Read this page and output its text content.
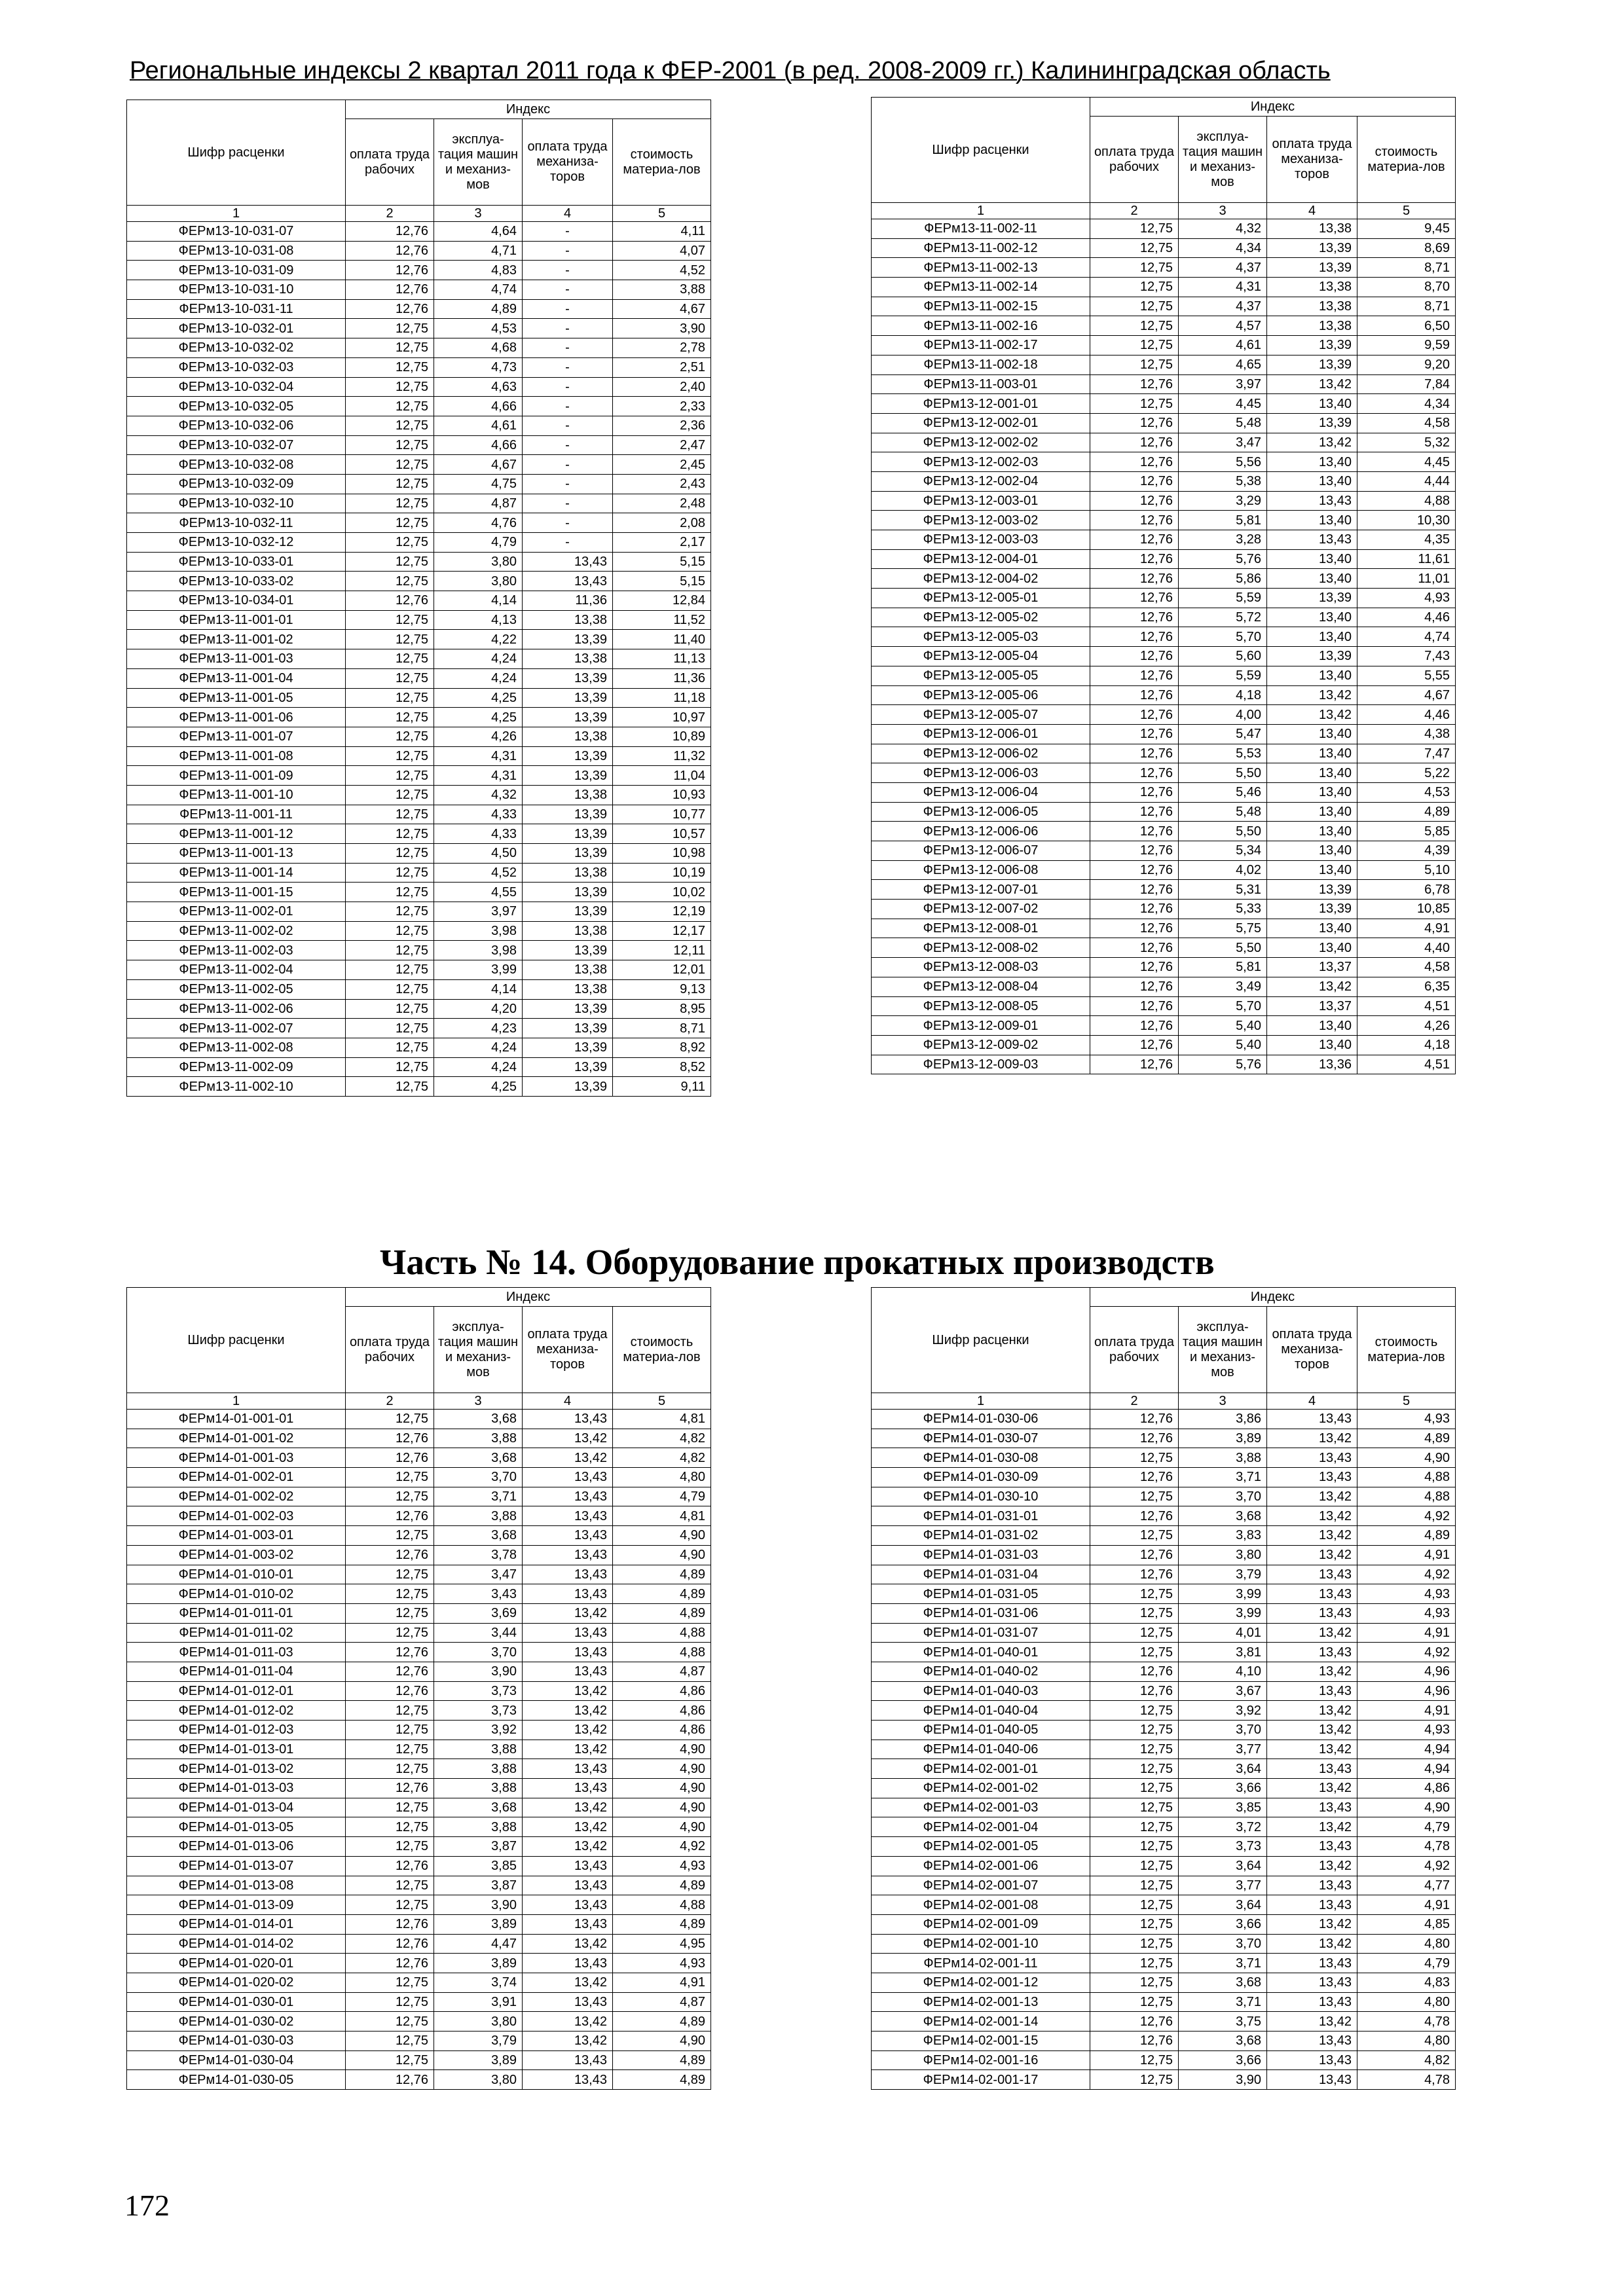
Региональные индексы 2 квартал 2011 года к ФЕР-2001 (в ред. 2008-2009 гг.) Калининградская область
Шифр расценки	Индекс			
	оплата труда рабочих	эксплуа-тация машин и механиз-мов	оплата труда механиза-торов	стоимость материа-лов
1	2	3	4	5
ФЕРм13-10-031-07	12,76	4,64	-	4,11
ФЕРм13-10-031-08	12,76	4,71	-	4,07
ФЕРм13-10-031-09	12,76	4,83	-	4,52
ФЕРм13-10-031-10	12,76	4,74	-	3,88
ФЕРм13-10-031-11	12,76	4,89	-	4,67
ФЕРм13-10-032-01	12,75	4,53	-	3,90
ФЕРм13-10-032-02	12,75	4,68	-	2,78
ФЕРм13-10-032-03	12,75	4,73	-	2,51
ФЕРм13-10-032-04	12,75	4,63	-	2,40
ФЕРм13-10-032-05	12,75	4,66	-	2,33
ФЕРм13-10-032-06	12,75	4,61	-	2,36
ФЕРм13-10-032-07	12,75	4,66	-	2,47
ФЕРм13-10-032-08	12,75	4,67	-	2,45
ФЕРм13-10-032-09	12,75	4,75	-	2,43
ФЕРм13-10-032-10	12,75	4,87	-	2,48
ФЕРм13-10-032-11	12,75	4,76	-	2,08
ФЕРм13-10-032-12	12,75	4,79	-	2,17
ФЕРм13-10-033-01	12,75	3,80	13,43	5,15
ФЕРм13-10-033-02	12,75	3,80	13,43	5,15
ФЕРм13-10-034-01	12,76	4,14	11,36	12,84
ФЕРм13-11-001-01	12,75	4,13	13,38	11,52
ФЕРм13-11-001-02	12,75	4,22	13,39	11,40
ФЕРм13-11-001-03	12,75	4,24	13,38	11,13
ФЕРм13-11-001-04	12,75	4,24	13,39	11,36
ФЕРм13-11-001-05	12,75	4,25	13,39	11,18
ФЕРм13-11-001-06	12,75	4,25	13,39	10,97
ФЕРм13-11-001-07	12,75	4,26	13,38	10,89
ФЕРм13-11-001-08	12,75	4,31	13,39	11,32
ФЕРм13-11-001-09	12,75	4,31	13,39	11,04
ФЕРм13-11-001-10	12,75	4,32	13,38	10,93
ФЕРм13-11-001-11	12,75	4,33	13,39	10,77
ФЕРм13-11-001-12	12,75	4,33	13,39	10,57
ФЕРм13-11-001-13	12,75	4,50	13,39	10,98
ФЕРм13-11-001-14	12,75	4,52	13,38	10,19
ФЕРм13-11-001-15	12,75	4,55	13,39	10,02
ФЕРм13-11-002-01	12,75	3,97	13,39	12,19
ФЕРм13-11-002-02	12,75	3,98	13,38	12,17
ФЕРм13-11-002-03	12,75	3,98	13,39	12,11
ФЕРм13-11-002-04	12,75	3,99	13,38	12,01
ФЕРм13-11-002-05	12,75	4,14	13,38	9,13
ФЕРм13-11-002-06	12,75	4,20	13,39	8,95
ФЕРм13-11-002-07	12,75	4,23	13,39	8,71
ФЕРм13-11-002-08	12,75	4,24	13,39	8,92
ФЕРм13-11-002-09	12,75	4,24	13,39	8,52
ФЕРм13-11-002-10	12,75	4,25	13,39	9,11
Шифр расценки	Индекс			
	оплата труда рабочих	эксплуа-тация машин и механиз-мов	оплата труда механиза-торов	стоимость материа-лов
1	2	3	4	5
ФЕРм13-11-002-11	12,75	4,32	13,38	9,45
ФЕРм13-11-002-12	12,75	4,34	13,39	8,69
ФЕРм13-11-002-13	12,75	4,37	13,39	8,71
ФЕРм13-11-002-14	12,75	4,31	13,38	8,70
ФЕРм13-11-002-15	12,75	4,37	13,38	8,71
ФЕРм13-11-002-16	12,75	4,57	13,38	6,50
ФЕРм13-11-002-17	12,75	4,61	13,39	9,59
ФЕРм13-11-002-18	12,75	4,65	13,39	9,20
ФЕРм13-11-003-01	12,76	3,97	13,42	7,84
ФЕРм13-12-001-01	12,75	4,45	13,40	4,34
ФЕРм13-12-002-01	12,76	5,48	13,39	4,58
ФЕРм13-12-002-02	12,76	3,47	13,42	5,32
ФЕРм13-12-002-03	12,76	5,56	13,40	4,45
ФЕРм13-12-002-04	12,76	5,38	13,40	4,44
ФЕРм13-12-003-01	12,76	3,29	13,43	4,88
ФЕРм13-12-003-02	12,76	5,81	13,40	10,30
ФЕРм13-12-003-03	12,76	3,28	13,43	4,35
ФЕРм13-12-004-01	12,76	5,76	13,40	11,61
ФЕРм13-12-004-02	12,76	5,86	13,40	11,01
ФЕРм13-12-005-01	12,76	5,59	13,39	4,93
ФЕРм13-12-005-02	12,76	5,72	13,40	4,46
ФЕРм13-12-005-03	12,76	5,70	13,40	4,74
ФЕРм13-12-005-04	12,76	5,60	13,39	7,43
ФЕРм13-12-005-05	12,76	5,59	13,40	5,55
ФЕРм13-12-005-06	12,76	4,18	13,42	4,67
ФЕРм13-12-005-07	12,76	4,00	13,42	4,46
ФЕРм13-12-006-01	12,76	5,47	13,40	4,38
ФЕРм13-12-006-02	12,76	5,53	13,40	7,47
ФЕРм13-12-006-03	12,76	5,50	13,40	5,22
ФЕРм13-12-006-04	12,76	5,46	13,40	4,53
ФЕРм13-12-006-05	12,76	5,48	13,40	4,89
ФЕРм13-12-006-06	12,76	5,50	13,40	5,85
ФЕРм13-12-006-07	12,76	5,34	13,40	4,39
ФЕРм13-12-006-08	12,76	4,02	13,40	5,10
ФЕРм13-12-007-01	12,76	5,31	13,39	6,78
ФЕРм13-12-007-02	12,76	5,33	13,39	10,85
ФЕРм13-12-008-01	12,76	5,75	13,40	4,91
ФЕРм13-12-008-02	12,76	5,50	13,40	4,40
ФЕРм13-12-008-03	12,76	5,81	13,37	4,58
ФЕРм13-12-008-04	12,76	3,49	13,42	6,35
ФЕРм13-12-008-05	12,76	5,70	13,37	4,51
ФЕРм13-12-009-01	12,76	5,40	13,40	4,26
ФЕРм13-12-009-02	12,76	5,40	13,40	4,18
ФЕРм13-12-009-03	12,76	5,76	13,36	4,51
Часть № 14. Оборудование прокатных производств
Шифр расценки	Индекс			
	оплата труда рабочих	эксплуа-тация машин и механиз-мов	оплата труда механиза-торов	стоимость материа-лов
1	2	3	4	5
ФЕРм14-01-001-01	12,75	3,68	13,43	4,81
ФЕРм14-01-001-02	12,76	3,88	13,42	4,82
ФЕРм14-01-001-03	12,76	3,68	13,42	4,82
ФЕРм14-01-002-01	12,75	3,70	13,43	4,80
ФЕРм14-01-002-02	12,75	3,71	13,43	4,79
ФЕРм14-01-002-03	12,76	3,88	13,43	4,81
ФЕРм14-01-003-01	12,75	3,68	13,43	4,90
ФЕРм14-01-003-02	12,76	3,78	13,43	4,90
ФЕРм14-01-010-01	12,75	3,47	13,43	4,89
ФЕРм14-01-010-02	12,75	3,43	13,43	4,89
ФЕРм14-01-011-01	12,75	3,69	13,42	4,89
ФЕРм14-01-011-02	12,75	3,44	13,43	4,88
ФЕРм14-01-011-03	12,76	3,70	13,43	4,88
ФЕРм14-01-011-04	12,76	3,90	13,43	4,87
ФЕРм14-01-012-01	12,76	3,73	13,42	4,86
ФЕРм14-01-012-02	12,75	3,73	13,42	4,86
ФЕРм14-01-012-03	12,75	3,92	13,42	4,86
ФЕРм14-01-013-01	12,75	3,88	13,42	4,90
ФЕРм14-01-013-02	12,75	3,88	13,43	4,90
ФЕРм14-01-013-03	12,76	3,88	13,43	4,90
ФЕРм14-01-013-04	12,75	3,68	13,42	4,90
ФЕРм14-01-013-05	12,75	3,88	13,42	4,90
ФЕРм14-01-013-06	12,75	3,87	13,42	4,92
ФЕРм14-01-013-07	12,76	3,85	13,43	4,93
ФЕРм14-01-013-08	12,75	3,87	13,43	4,89
ФЕРм14-01-013-09	12,75	3,90	13,43	4,88
ФЕРм14-01-014-01	12,76	3,89	13,43	4,89
ФЕРм14-01-014-02	12,76	4,47	13,42	4,95
ФЕРм14-01-020-01	12,76	3,89	13,43	4,93
ФЕРм14-01-020-02	12,75	3,74	13,42	4,91
ФЕРм14-01-030-01	12,75	3,91	13,43	4,87
ФЕРм14-01-030-02	12,75	3,80	13,42	4,89
ФЕРм14-01-030-03	12,75	3,79	13,42	4,90
ФЕРм14-01-030-04	12,75	3,89	13,43	4,89
ФЕРм14-01-030-05	12,76	3,80	13,43	4,89
Шифр расценки	Индекс			
	оплата труда рабочих	эксплуа-тация машин и механиз-мов	оплата труда механиза-торов	стоимость материа-лов
1	2	3	4	5
ФЕРм14-01-030-06	12,76	3,86	13,43	4,93
ФЕРм14-01-030-07	12,76	3,89	13,42	4,89
ФЕРм14-01-030-08	12,75	3,88	13,43	4,90
ФЕРм14-01-030-09	12,76	3,71	13,43	4,88
ФЕРм14-01-030-10	12,75	3,70	13,42	4,88
ФЕРм14-01-031-01	12,76	3,68	13,42	4,92
ФЕРм14-01-031-02	12,75	3,83	13,42	4,89
ФЕРм14-01-031-03	12,76	3,80	13,42	4,91
ФЕРм14-01-031-04	12,76	3,79	13,43	4,92
ФЕРм14-01-031-05	12,75	3,99	13,43	4,93
ФЕРм14-01-031-06	12,75	3,99	13,43	4,93
ФЕРм14-01-031-07	12,75	4,01	13,42	4,91
ФЕРм14-01-040-01	12,75	3,81	13,43	4,92
ФЕРм14-01-040-02	12,76	4,10	13,42	4,96
ФЕРм14-01-040-03	12,76	3,67	13,43	4,96
ФЕРм14-01-040-04	12,75	3,92	13,42	4,91
ФЕРм14-01-040-05	12,75	3,70	13,42	4,93
ФЕРм14-01-040-06	12,75	3,77	13,42	4,94
ФЕРм14-02-001-01	12,75	3,64	13,43	4,94
ФЕРм14-02-001-02	12,75	3,66	13,42	4,86
ФЕРм14-02-001-03	12,75	3,85	13,43	4,90
ФЕРм14-02-001-04	12,75	3,72	13,42	4,79
ФЕРм14-02-001-05	12,75	3,73	13,43	4,78
ФЕРм14-02-001-06	12,75	3,64	13,42	4,92
ФЕРм14-02-001-07	12,75	3,77	13,43	4,77
ФЕРм14-02-001-08	12,75	3,64	13,43	4,91
ФЕРм14-02-001-09	12,75	3,66	13,42	4,85
ФЕРм14-02-001-10	12,75	3,70	13,42	4,80
ФЕРм14-02-001-11	12,75	3,71	13,43	4,79
ФЕРм14-02-001-12	12,75	3,68	13,43	4,83
ФЕРм14-02-001-13	12,75	3,71	13,43	4,80
ФЕРм14-02-001-14	12,76	3,75	13,42	4,78
ФЕРм14-02-001-15	12,76	3,68	13,43	4,80
ФЕРм14-02-001-16	12,75	3,66	13,43	4,82
ФЕРм14-02-001-17	12,75	3,90	13,43	4,78
172
